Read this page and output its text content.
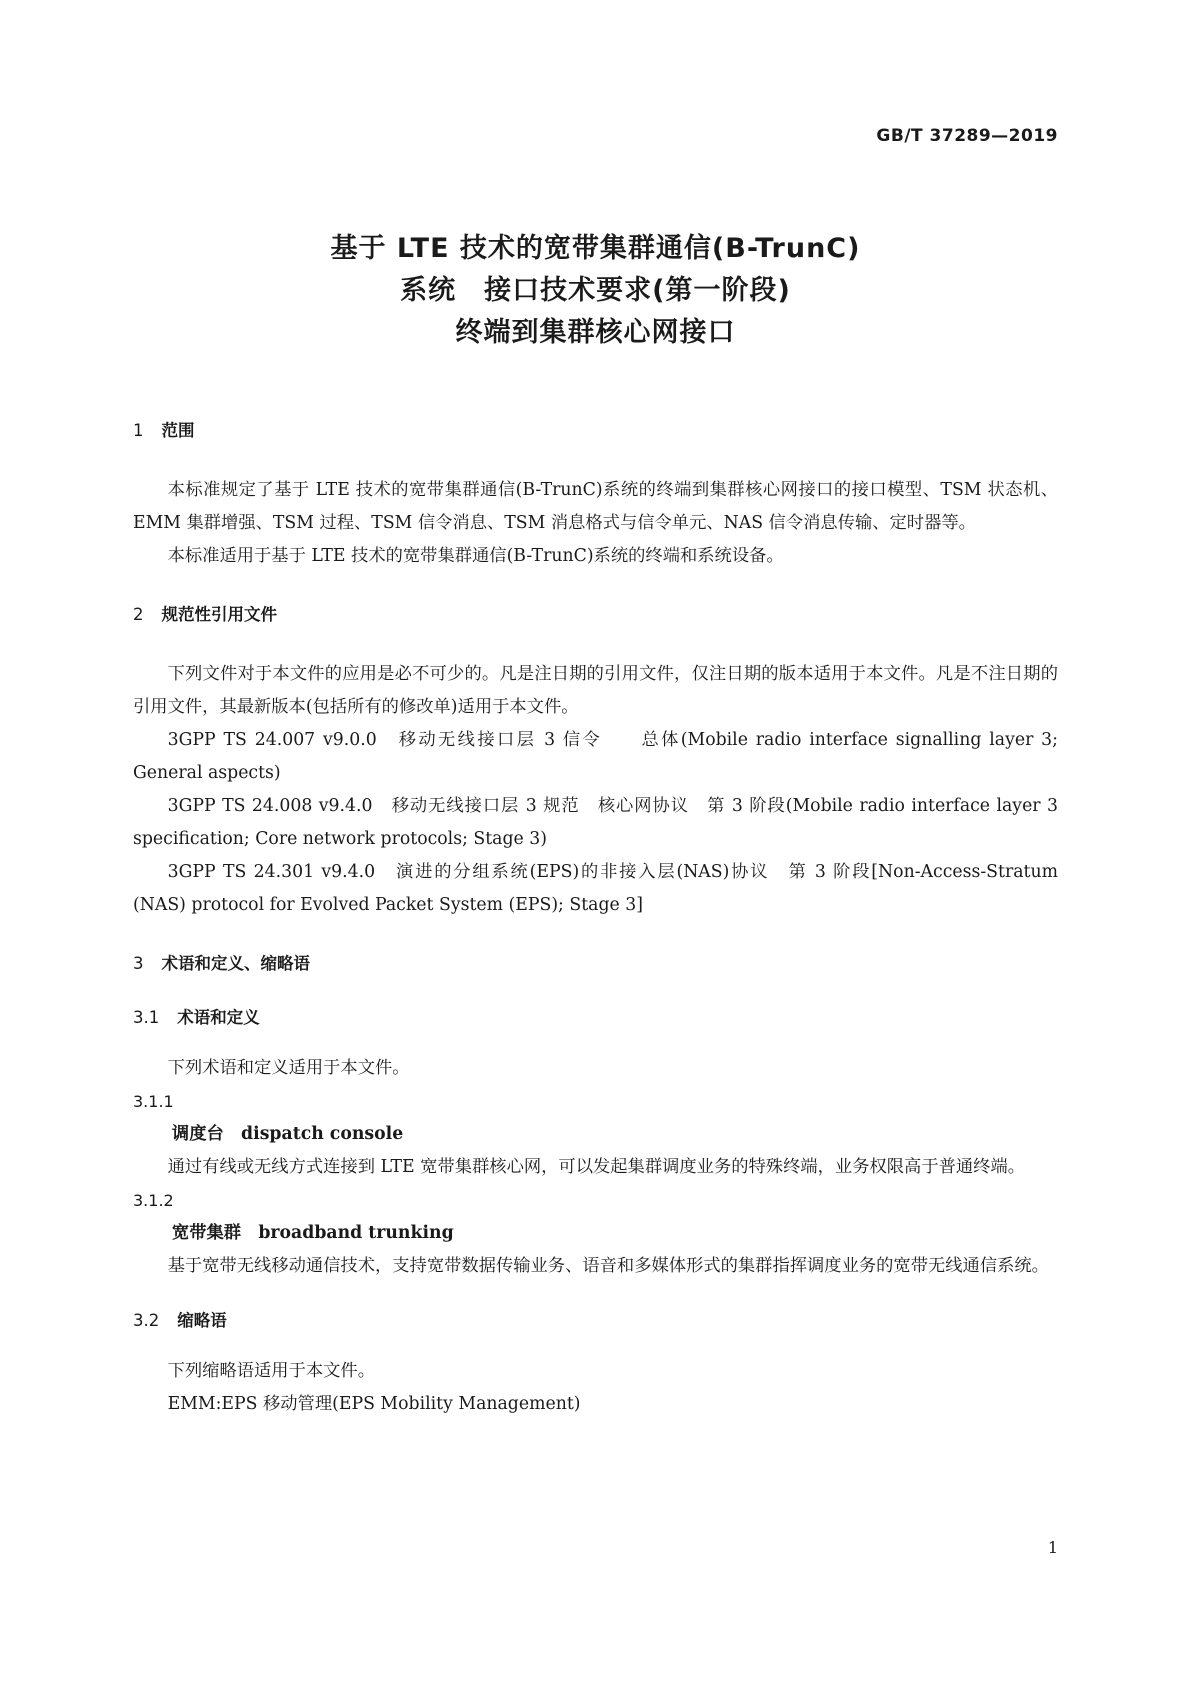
GB/T 37289—2019
基于 LTE 技术的宽带集群通信(B-TrunC)
系统　接口技术要求(第一阶段)
终端到集群核心网接口
1 范围

本标准规定了基于 LTE 技术的宽带集群通信(B-TrunC)系统的终端到集群核心网接口的接口模型、TSM 状态机、EMM 集群增强、TSM 过程、TSM 信令消息、TSM 消息格式与信令单元、NAS 信令消息传输、定时器等。

本标准适用于基于 LTE 技术的宽带集群通信(B-TrunC)系统的终端和系统设备。

2 规范性引用文件

下列文件对于本文件的应用是必不可少的。凡是注日期的引用文件，仅注日期的版本适用于本文件。凡是不注日期的引用文件，其最新版本(包括所有的修改单)适用于本文件。

3GPP TS 24.007 v9.0.0　移动无线接口层 3 信令　　总体(Mobile radio interface signalling layer 3; General aspects)

3GPP TS 24.008 v9.4.0　移动无线接口层 3 规范　核心网协议　第 3 阶段(Mobile radio interface layer 3 specification; Core network protocols; Stage 3)

3GPP TS 24.301 v9.4.0　演进的分组系统(EPS)的非接入层(NAS)协议　第 3 阶段[Non-Access-Stratum (NAS) protocol for Evolved Packet System (EPS); Stage 3]

3 术语和定义、缩略语
3.1 术语和定义

下列术语和定义适用于本文件。

3.1.1
调度台　dispatch console

通过有线或无线方式连接到 LTE 宽带集群核心网，可以发起集群调度业务的特殊终端，业务权限高于普通终端。

3.1.2
宽带集群　broadband trunking

基于宽带无线移动通信技术，支持宽带数据传输业务、语音和多媒体形式的集群指挥调度业务的宽带无线通信系统。

3.2 缩略语

下列缩略语适用于本文件。

EMM:EPS 移动管理(EPS Mobility Management)

1
